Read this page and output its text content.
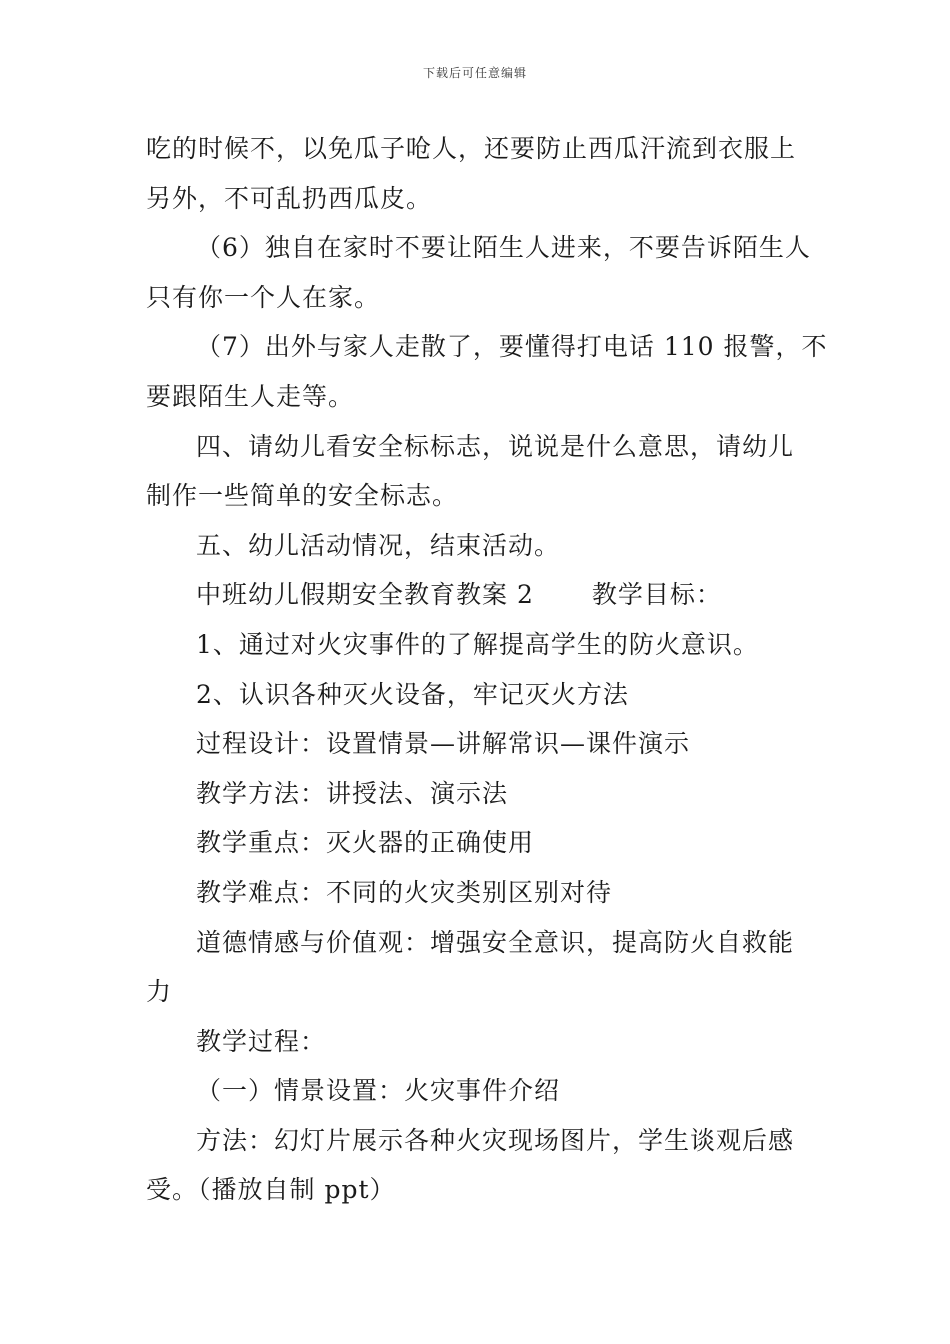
下载后可任意编辑
吃的时候不，以免瓜子呛人，还要防止西瓜汗流到衣服上
另外，不可乱扔西瓜皮。
（6）独自在家时不要让陌生人进来，不要告诉陌生人
只有你一个人在家。
（7）出外与家人走散了，要懂得打电话 110 报警，不
要跟陌生人走等。
四、请幼儿看安全标标志，说说是什么意思，请幼儿
制作一些简单的安全标志。
五、幼儿活动情况，结束活动。
中班幼儿假期安全教育教案 2 教学目标：
1、通过对火灾事件的了解提高学生的防火意识。
2、认识各种灭火设备，牢记灭火方法
过程设计：设置情景—讲解常识—课件演示
教学方法：讲授法、演示法
教学重点：灭火器的正确使用
教学难点：不同的火灾类别区别对待
道德情感与价值观：增强安全意识，提高防火自救能
力
教学过程：
（一）情景设置：火灾事件介绍
方法：幻灯片展示各种火灾现场图片，学生谈观后感
受。（播放自制 ppt）
